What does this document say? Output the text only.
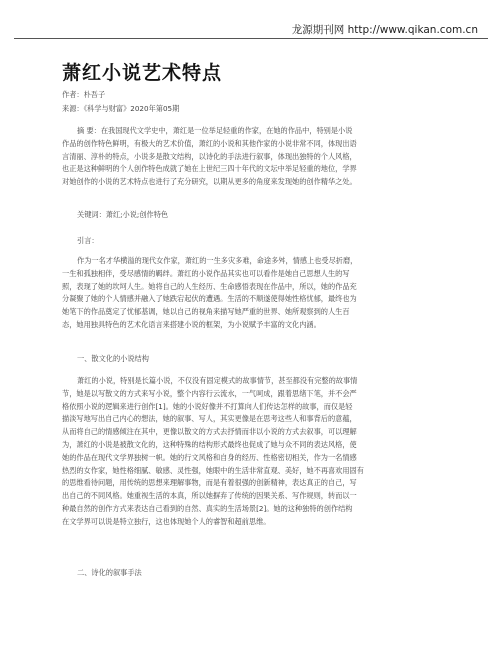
龙源期刊网 http://www.qikan.com.cn
萧红小说艺术特点
作者：朴吾子
来源：《科学与财富》2020年第05期
摘 要：在我国现代文学史中，萧红是一位举足轻重的作家，在她的作品中，特别是小说
作品的创作特色鲜明，有极大的艺术价值，萧红的小说和其他作家的小说非常不同，体现出语
言清丽、淳朴的特点，小说多是散文结构，以诗化的手法进行叙事，体现出独特的个人风格，
也正是这种鲜明的个人创作特色成就了她在上世纪三四十年代的文坛中举足轻重的地位，学界
对她创作的小说的艺术特点也进行了充分研究，以期从更多的角度来发现她的创作精华之处。
关键词：萧红;小说;创作特色
引言：
作为一名才华横溢的现代女作家，萧红的一生多灾多难，命途多舛，情感上也受尽折磨，
一生和孤独相伴，受尽感情的羁绊。萧红的小说作品其实也可以看作是她自己思想人生的写
照，表现了她的坎坷人生。她将自己的人生经历、生命感悟表现在作品中，所以，她的作品充
分凝聚了她的个人情感并融入了她跌宕起伏的遭遇。生活的不顺遂使得她性格忧郁，最终也为
她笔下的作品奠定了忧郁基调，她以自己的视角来描写她严重的世界、她所观察到的人生百
态，她用独具特色的艺术化语言来搭建小说的框架，为小说赋予丰富的文化内涵。
一、散文化的小说结构
萧红的小说，特别是长篇小说，不仅没有固定模式的故事情节，甚至都没有完整的故事情
节，她是以写散文的方式来写小说，整个内容行云流水，一气呵成，跟着思绪下笔，并不会严
格依照小说的逻辑来进行创作[1]。她的小说好像并不打算向人们传达怎样的故事，而仅是轻
描淡写地写出自己内心的想法，她的叙事、写人，其实更像是在思考这些人和事背后的意蕴，
从而将自己的情感倾注在其中，更像以散文的方式去抒情而非以小说的方式去叙事，可以理解
为，萧红的小说是被散文化的，这种特殊的结构形式最终也促成了她与众不同的表达风格，使
她的作品在现代文学界独树一帜。她的行文风格和自身的经历、性格密切相关，作为一名情感
热烈的女作家，她性格细腻、敏感、灵性强，她眼中的生活非常直观、美好，她不再喜欢用固有
的思维看待问题，用传统的思想来理解事物，而是有着很强的创新精神，表达真正的自己，写
出自己的不同风格。她重视生活的本真，所以她摒弃了传统的因果关系、写作规则，转而以一
种最自然的创作方式来表达自己看到的自然、真实的生活场景[2]。她的这种独特的创作结构
在文学界可以说是特立独行，这也体现她个人的睿智和超前思维。
二、诗化的叙事手法
